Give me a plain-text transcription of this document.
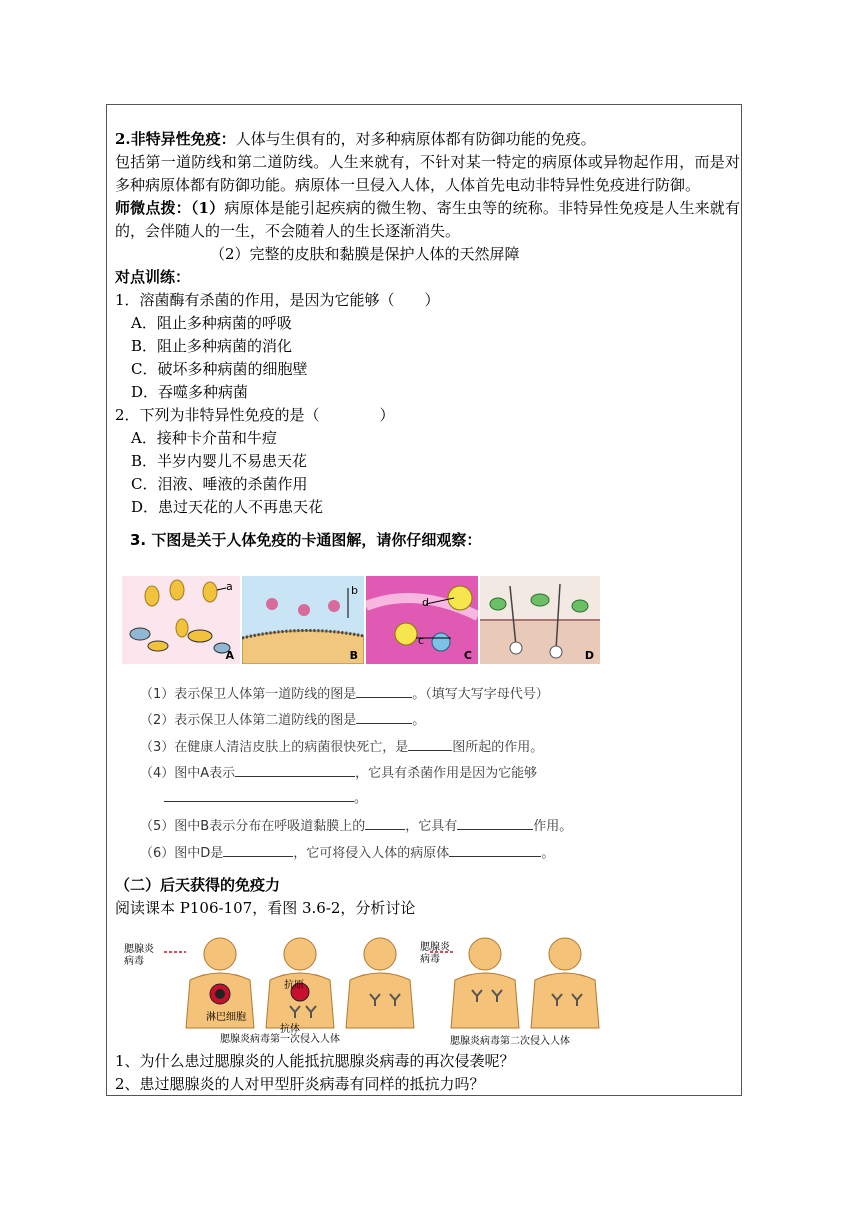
2.非特异性免疫：人体与生俱有的，对多种病原体都有防御功能的免疫。
包括第一道防线和第二道防线。人生来就有，不针对某一特定的病原体或异物起作用，而是对多种病原体都有防御功能。病原体一旦侵入人体，人体首先电动非特异性免疫进行防御。
师微点拨：（1）病原体是能引起疾病的微生物、寄生虫等的统称。非特异性免疫是人生来就有的，会伴随人的一生，不会随着人的生长逐渐消失。
（2）完整的皮肤和黏膜是保护人体的天然屏障
对点训练：
1．溶菌酶有杀菌的作用，是因为它能够（　　）
A．阻止多种病菌的呼吸
B．阻止多种病菌的消化
C．破坏多种病菌的细胞壁
D．吞噬多种病菌
2．下列为非特异性免疫的是（　　　　）
A．接种卡介苗和牛痘
B．半岁内婴儿不易患天花
C．泪液、唾液的杀菌作用
D．患过天花的人不再患天花
3. 下图是关于人体免疫的卡通图解，请你仔细观察：
a
A
b
B
d
c
C	D
（1）表示保卫人体第一道防线的图是	。（填写大写字母代号）
（2）表示保卫人体第二道防线的图是	。
（3）在健康人清洁皮肤上的病菌很快死亡，是	图所起的作用。
（4）图中A表示	，它具有杀菌作用是因为它能够
。
（5）图中B表示分布在呼吸道黏膜上的	，它具有	作用。
（6）图中D是	，它可将侵入人体的病原体	。
（二）后天获得的免疫力
阅读课本 P106-107，看图 3.6-2，分析讨论
腮腺炎
病毒
腮腺炎
病毒
淋巴细胞
抗体
抗原
腮腺炎病毒第一次侵入人体	腮腺炎病毒第二次侵入人体
1、为什么患过腮腺炎的人能抵抗腮腺炎病毒的再次侵袭呢？
2、患过腮腺炎的人对甲型肝炎病毒有同样的抵抗力吗？
